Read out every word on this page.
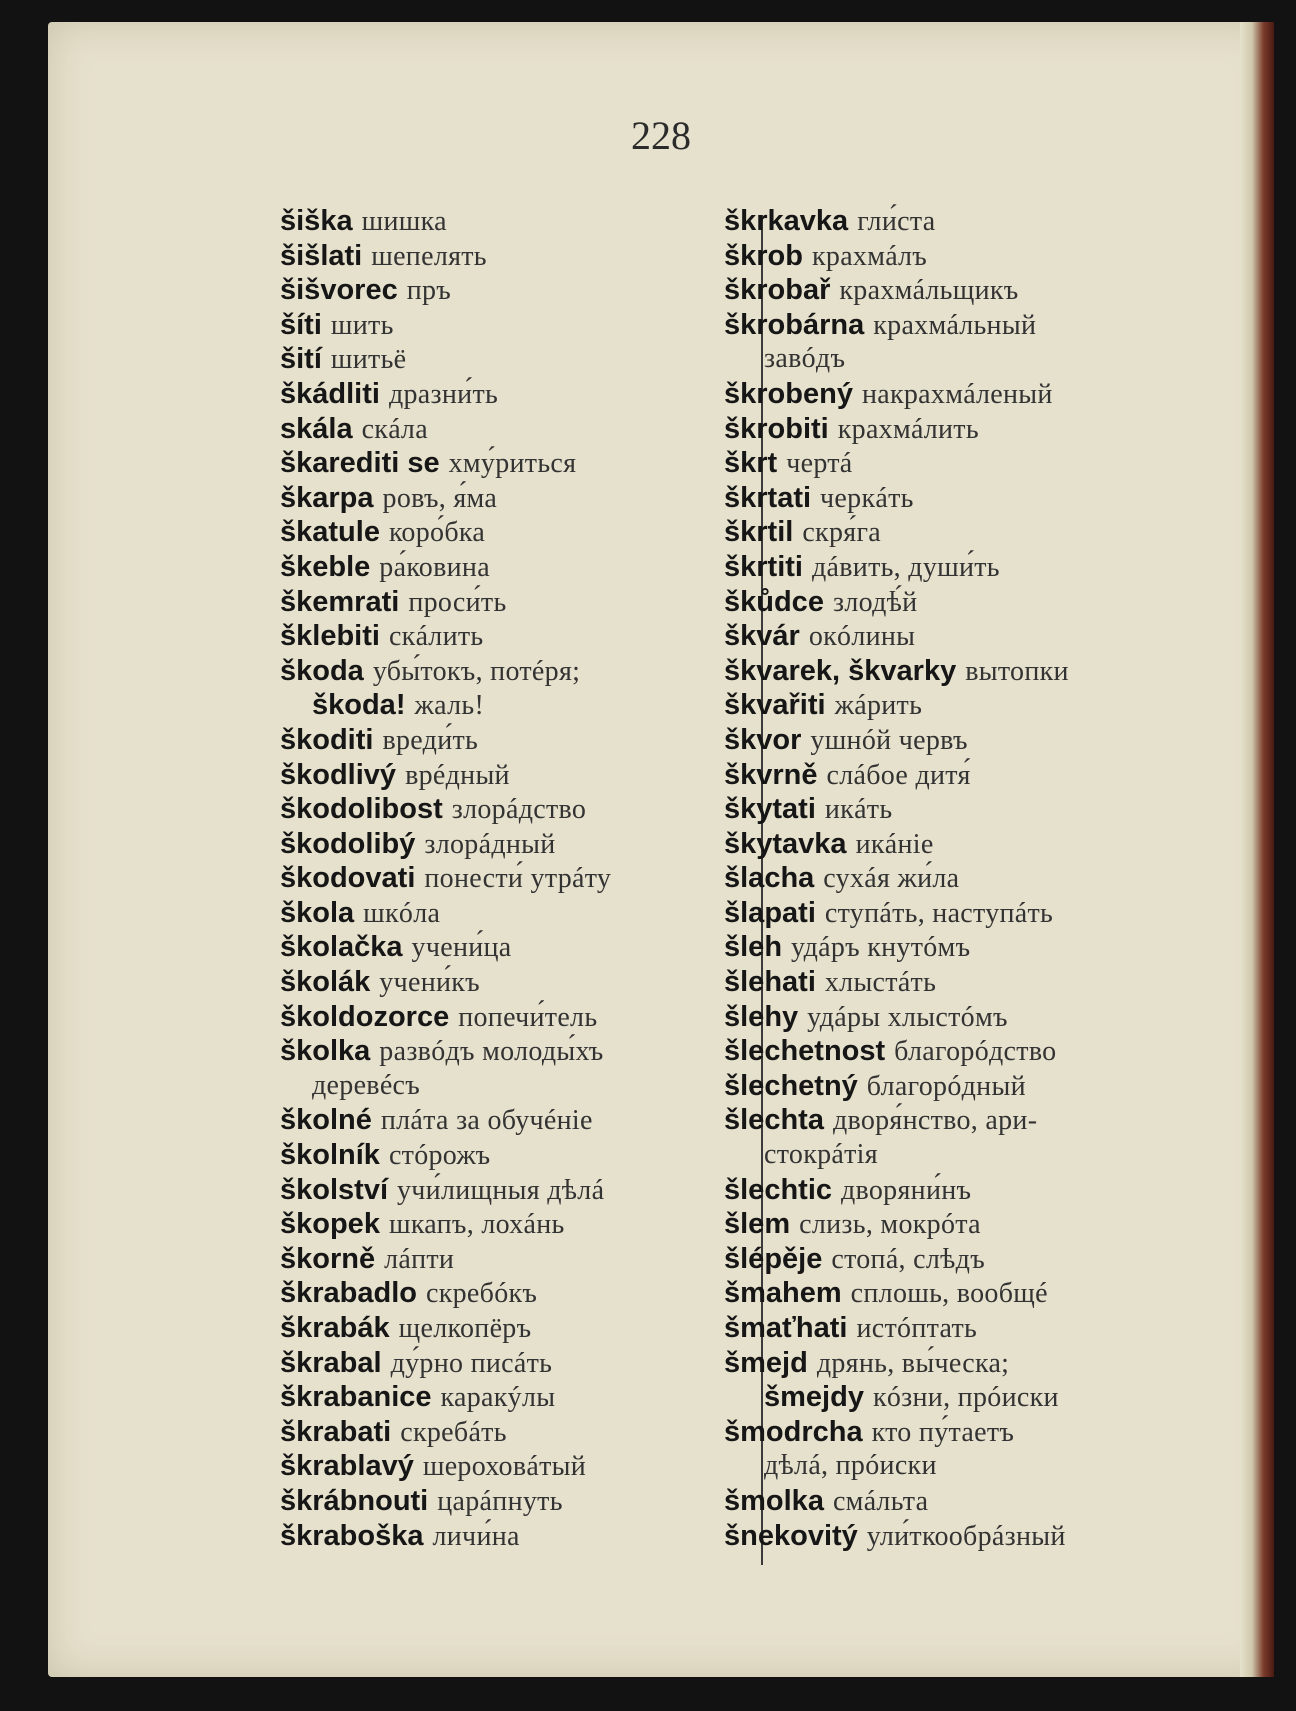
228
šiška шишка
šišlati шепелять
šišvorec пръ
šíti шить
šití шитьё
škádliti дразни́ть
skála скáла
škarediti se хму́риться
škarpa ровъ, я́ма
škatule коро́бка
škeble ра́ковина
škemrati проси́ть
šklebiti скáлить
škoda убы́токъ, потéря;
škoda! жаль!
škoditi вреди́ть
škodlivý врéдный
škodolibost злорáдство
škodolibý злорáдный
škodovati понести́ утрáту
škola шкóла
školačka учени́ца
školák учени́къ
školdozorce попечи́тель
školka развóдъ молоды́хъ
деревéсъ
školné плáта за обучéніе
školník стóрожъ
školství учи́лищныя дѣлá
škopek шкапъ, лохáнь
škorně лáпти
škrabadlo скребóкъ
škrabák щелкопёръ
škrabal ду́рно писáть
škrabanice каракýлы
škrabati скребáть
škrablavý шероховáтый
škrábnouti царáпнуть
škraboška личи́на
škrkavka гли́ста
škrob крахмáлъ
škrobař крахмáльщикъ
škrobárna крахмáльный
завóдъ
škrobený накрахмáленый
škrobiti крахмáлить
škrt чертá
škrtati черкáть
škrtil скря́га
škrtiti дáвить, души́ть
škůdce злодѣ́й
škvár окóлины
škvarek, škvarky вытопки
škvařiti жáрить
škvor ушнóй червъ
škvrně слáбое дитя́
škytati икáть
škytavka икáніе
šlacha сухáя жи́ла
šlapati ступáть, наступáть
šleh удáръ кнутóмъ
šlehati хлыстáть
šlehy удáры хлыстóмъ
šlechetnost благорóдство
šlechetný благорóдный
šlechta дворя́нство, ари-
стокрáтія
šlechtic дворяни́нъ
šlem слизь, мокрóта
šlépěje стопá, слѣдъ
šmahem сплошь, вообщé
šmaťhati истóптать
šmejd дрянь, вы́ческа;
šmejdy кóзни, прóиски
šmodrcha кто пу́таетъ
дѣлá, прóиски
šmolka смáльта
šnekovitý ули́ткообрáзный
